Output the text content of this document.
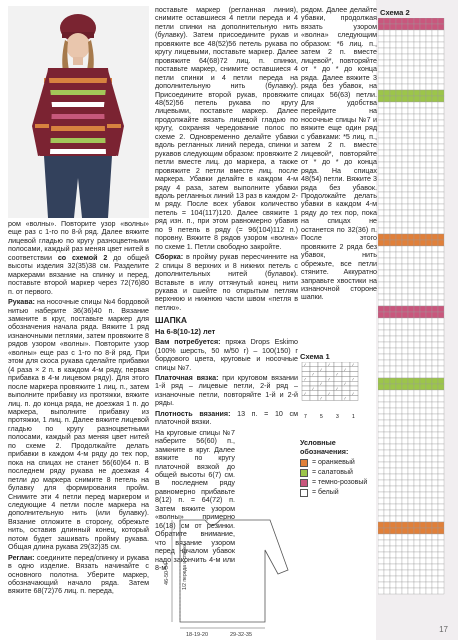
ром «волны». Повторите узор «волны» еще раз с 1-го по 8-й ряд. Далее вяжите лицевой гладью по кругу разноцветными полосами, каждый раз меняя цвет нитей в соответствии со схемой 2 до общей высоты изделия 32(35)38 см. Разделите маркерами вязание на спинку и перед, поставьте второй маркер через 72(76)80 п. от первого.

Рукава: на носочные спицы №4 бордовой нитью наберите 36(36)40 п. Вязание замкните в круг, поставьте маркер для обозначения начала ряда. Вяжите 1 ряд изнаночными петлями, затем провяжите 8 рядов узором «волны». Повторите узор «волны» еще раз с 1-го по 8-й ряд. При этом для скоса рукава сделайте прибавки (4 раза × 2 п. в каждом 4-м ряду, первая прибавка в 4-м лицевом ряду). Для этого после маркера провяжите 1 лиц. п., затем выполните прибавку из протяжки, вяжите лиц. п. до конца ряда, не доезжая 1 п. до маркера, выполните прибавку из протяжки, 1 лиц. п. Далее вяжите лицевой гладью по кругу разноцветными полосами, каждый раз меняя цвет нитей по схеме 2. Продолжайте делать прибавки в каждом 4-м ряду до тех пор, пока на спицах не станет 56(60)64 п. В последнем ряду рукава не доезжая 4 петли до маркера снимите 8 петель на булавку для формирования пройм. Снимите эти 4 петли перед маркером и следующие 4 петли после маркера на дополнительную нить (или булавку). Вязание отложите в сторону, обрежьте нить, оставив длинный конец, который потом будет зашивать пройму рукава. Общая длина рукава 29(32)35 см.

Реглан: соедините перед/спинку и рукава в одно изделие. Вязать начинайте с основного полотна. Уберите маркер, обозначающий начало ряда. Затем вяжите 68(72)76 лиц. п. переда,

поставьте маркер (регланная линия), снимите оставшиеся 4 петли переда и 4 петли спинки на дополнительную нить (булавку). Затем присоедините рукав и провяжите все 48(52)56 петель рукава по кругу лицевыми, поставьте маркер. Далее провяжите 64(68)72 лиц. п. спинки, поставьте маркер, снимите оставшиеся 4 петли спинки и 4 петли переда на дополнительную нить (булавку). Присоедините второй рукав, провяжите 48(52)56 петель рукава по кругу лицевыми, поставьте маркер. Далее продолжайте вязать лицевой гладью по кругу, сохраняя чередование полос по схеме 2. Одновременно делайте убавки вдоль регланных линий переда, спинки и рукавов следующим образом: провяжите 2 петли вместе лиц. до маркера, а также провяжите 2 петли вместе лиц. после маркера. Убавки делайте в каждом 4-м ряду 4 раза, затем выполните убавки вдоль регланных линий 13 раз в каждом 2-м ряду. После всех убавок количество петель = 104(117)120. Далее свяжите 1 ряд изн. п., при этом равномерно убавив по 9 петель в ряду (= 96(104)112 п.) поровну. Вяжите 8 рядов узором «волна» по схеме 1. Петли свободно закройте.

Сборка: в пройму рукав пересчинните на 2 спицы 8 верхних и 8 нижних петель с дополнительных нитей (булавок). Вставьте в иглу оттянутый конец нити рукава и сшейте по открытым петлям верхнюю и нижнюю части швом «петля в петлю».

ШАПКА
На 6-8(10-12) лет

Вам потребуется: пряжа Drops Eskimo (100% шерсть, 50 м/50 г) – 100(150) г бордового цвета, круговые и носочные спицы №7.

Платочная вязка: при круговом вязании 1-й ряд – лицевые петли, 2-й ряд – изнаночные петли, повторяйте 1-й и 2-й ряды.

Плотность вязания: 13 п. = 10 см платочной вязки.

На круговые спицы №7 наберите 56(60) п., замкните в круг. Далее вяжите по кругу платочной вязкой до общей высоты 6(7) см. В последнем ряду равномерно прибавьте 8(12) п. = 64(72) п. Затем вяжите узором «волны» примерно 16(18) см от резинки. Обратите внимание, что вязание узором перед началом убавок надо закончить 4-м или 8-м

рядом. Далее делайте убавки, продолжая вязать узором «волна» следующим образом: *6 лиц. п., затем 2 п. вместе лицевой*, повторяйте от * до * до конца ряда. Далее вяжите 3 ряда без убавок, на спицах 56(63) петли. Для удобства перейдите на носочные спицы №7 и вяжите еще один ряд с убавками: *5 лиц. п., затем 2 п. вместе лицевой*, повторяйте от * до * до конца ряда. На спицах 48(54) петли. Вяжите 3 ряда без убавок. Продолжайте делать убавки в каждом 4-м ряду до тех пор, пока на спицах не останется по 32(36) п. После этого провяжите 2 ряда без убавок, нить обрежьте, все петли стяните. Аккуратно заправьте хвостики на изнаночной стороне шапки.

Схема 2
Схема 1
/	/	/
/	/
/	/
/	/	/
/	/
/	/
/	/	/
/	/
7	5	3	1
Условные обозначения:
= оранжевый
= салатовый
= темно-розовый
= белый
18-19-20	29-32-35
46-50-54 1/2 переда и спинки
17
